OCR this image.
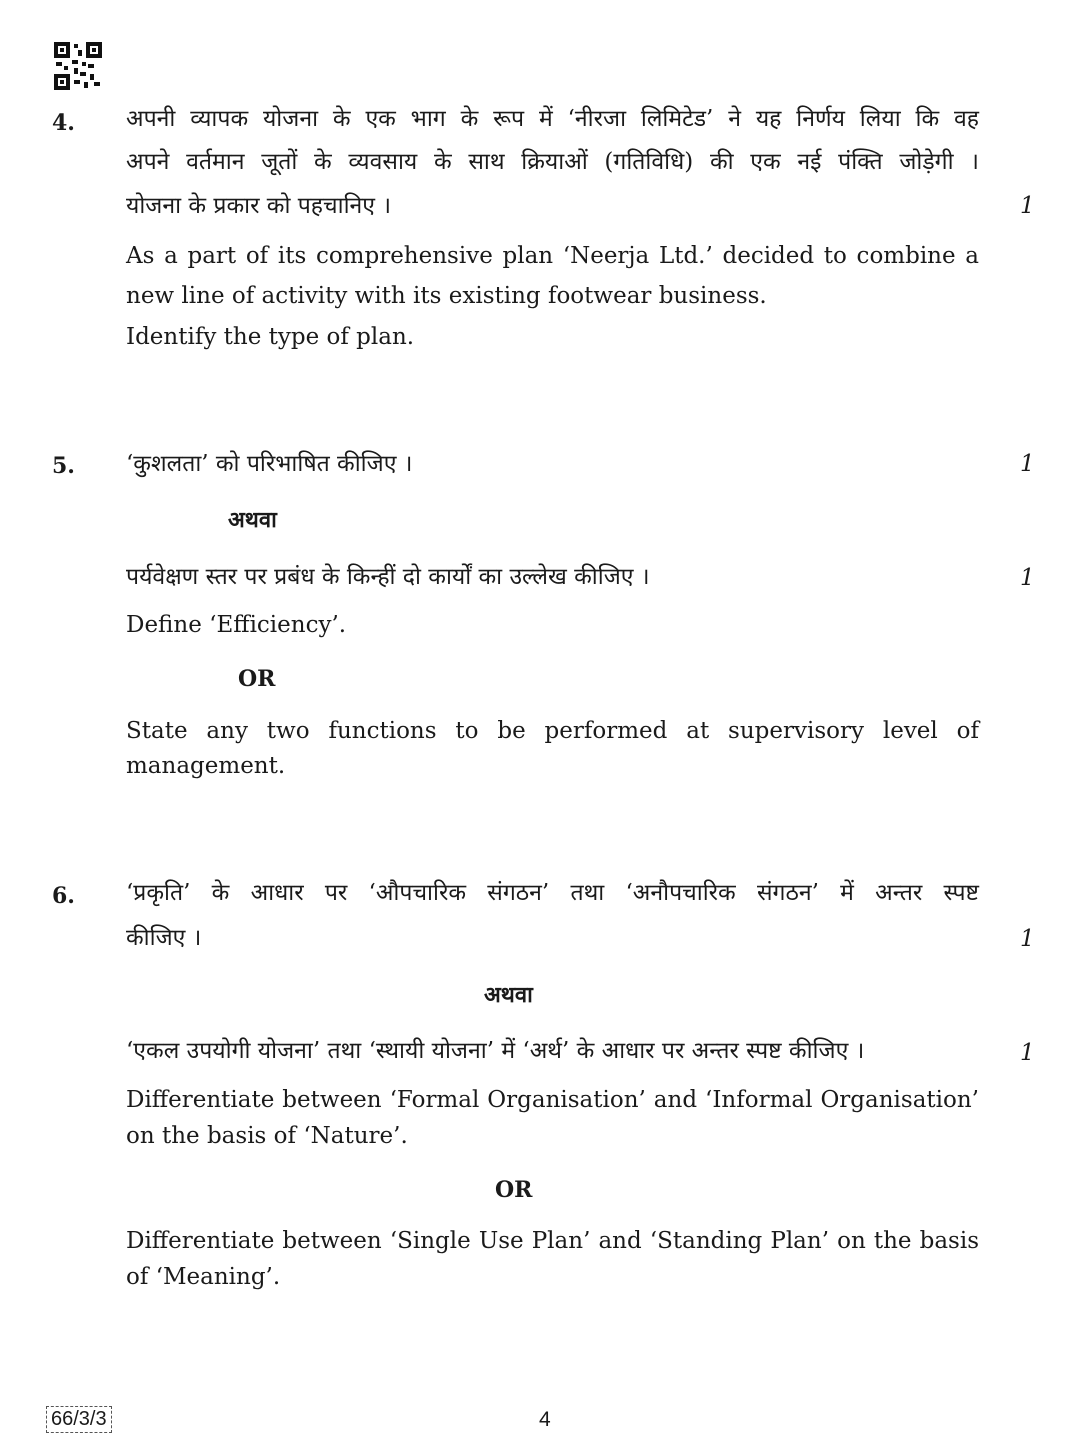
4. अपनी व्यापक योजना के एक भाग के रूप में ‘नीरजा लिमिटेड’ ने यह निर्णय लिया कि वह
अपने वर्तमान जूतों के व्यवसाय के साथ क्रियाओं (गतिविधि) की एक नई पंक्ति जोड़ेगी ।
योजना के प्रकार को पहचानिए ।	1
As a part of its comprehensive plan ‘Neerja Ltd.’ decided to combine a
new line of activity with its existing footwear business.
Identify the type of plan.
5. ‘कुशलता’ को परिभाषित कीजिए ।	1
अथवा
पर्यवेक्षण स्तर पर प्रबंध के किन्हीं दो कार्यों का उल्लेख कीजिए ।	1
Define ‘Efficiency’.
OR
State any two functions to be performed at supervisory level of
management.
6. ‘प्रकृति’ के आधार पर ‘औपचारिक संगठन’ तथा ‘अनौपचारिक संगठन’ में अन्तर स्पष्ट
कीजिए ।	1
अथवा
‘एकल उपयोगी योजना’ तथा ‘स्थायी योजना’ में ‘अर्थ’ के आधार पर अन्तर स्पष्ट कीजिए ।	1
Differentiate between ‘Formal Organisation’ and ‘Informal Organisation’
on the basis of ‘Nature’.
OR
Differentiate between ‘Single Use Plan’ and ‘Standing Plan’ on the basis
of ‘Meaning’.
66/3/3	4
